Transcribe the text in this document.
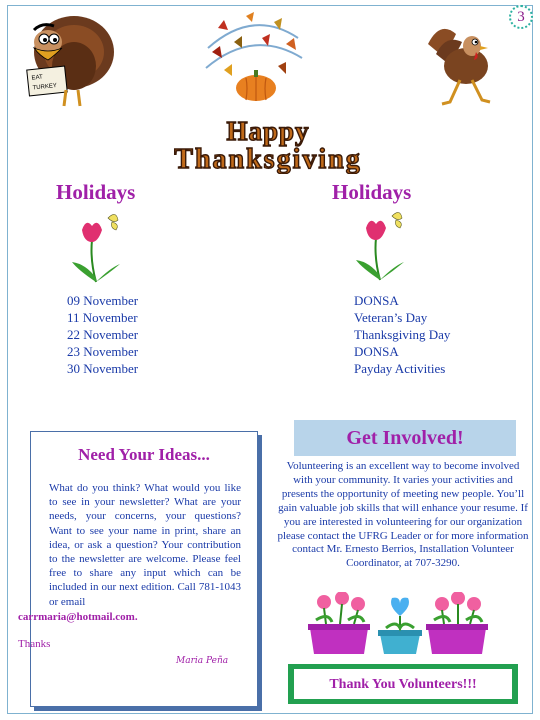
3
EAT
TURKEY
Happy
Thanksgiving
Holidays	Holidays
09 November
11 November
22 November
23 November
30 November
DONSA
Veteran’s Day
Thanksgiving Day
DONSA
Payday Activities
Need Your Ideas...
What do you think? What would you like to see in your newsletter? What are your needs, your concerns, your questions? Want to see your name in print, share an idea, or ask a question? Your contribution to the newsletter are welcome. Please feel free to share any input which can be included in our next edition. Call 781-1043 or email
carrmaria@hotmail.com.
Thanks
Maria Peña
Get Involved!
Volunteering is an excellent way to become involved with your community. It varies your activities and presents the opportunity of meeting new people. You’ll gain valuable job skills that will enhance your resume. If you are interested in volunteering for our organization please contact the UFRG Leader or for more information contact Mr. Ernesto Berrios, Installation Volunteer Coordinator, at 707-3290.
Thank You Volunteers!!!
